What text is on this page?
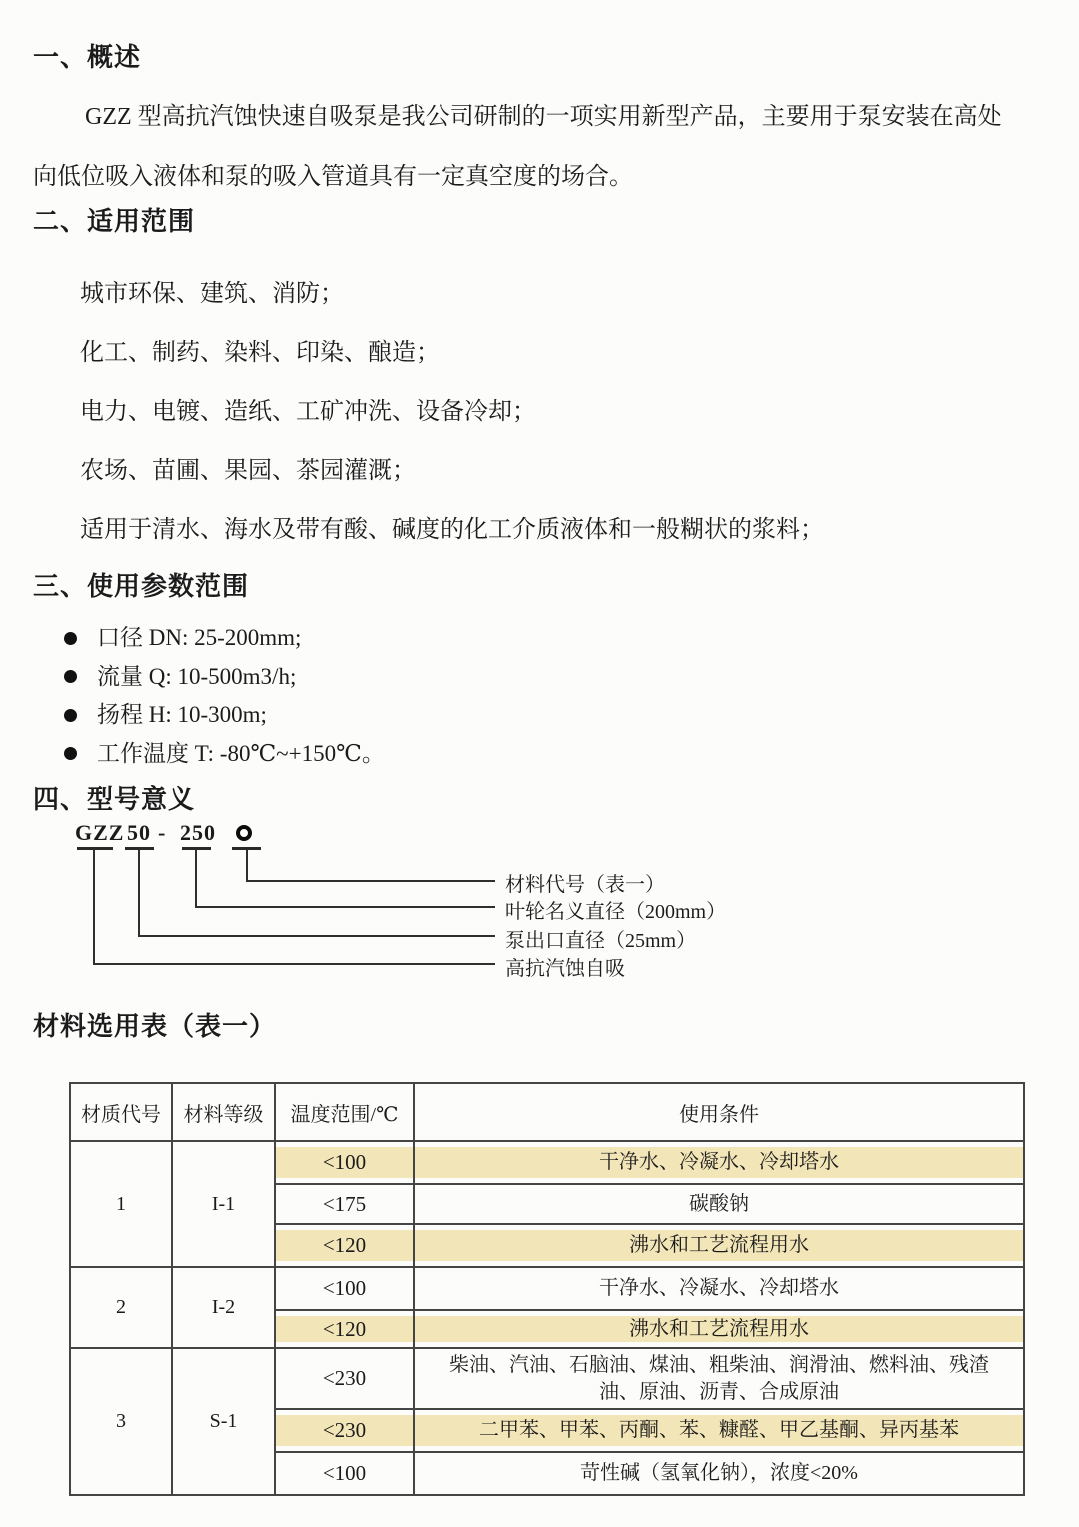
一、概述
GZZ 型高抗汽蚀快速自吸泵是我公司研制的一项实用新型产品，主要用于泵安装在高处
向低位吸入液体和泵的吸入管道具有一定真空度的场合。
二、适用范围
城市环保、建筑、消防；
化工、制药、染料、印染、酿造；
电力、电镀、造纸、工矿冲洗、设备冷却；
农场、苗圃、果园、茶园灌溉；
适用于清水、海水及带有酸、碱度的化工介质液体和一般糊状的浆料；
三、使用参数范围
口径 DN: 25-200mm;
流量 Q: 10-500m3/h;
扬程 H: 10-300m;
工作温度 T: -80℃~+150℃。
四、型号意义
GZZ 50 - 250
材料代号（表一）
叶轮名义直径（200mm）
泵出口直径（25mm）
高抗汽蚀自吸
材料选用表（表一）
材质代号	材料等级	温度范围/℃	使用条件
1	I-1	<100	干净水、冷凝水、冷却塔水
		<175	碳酸钠
		<120	沸水和工艺流程用水
2	I-2	<100	干净水、冷凝水、冷却塔水
		<120	沸水和工艺流程用水
3	S-1	<230	柴油、汽油、石脑油、煤油、粗柴油、润滑油、燃料油、残渣油、原油、沥青、合成原油
		<230	二甲苯、甲苯、丙酮、苯、糠醛、甲乙基酮、异丙基苯
		<100	苛性碱（氢氧化钠），浓度<20%
